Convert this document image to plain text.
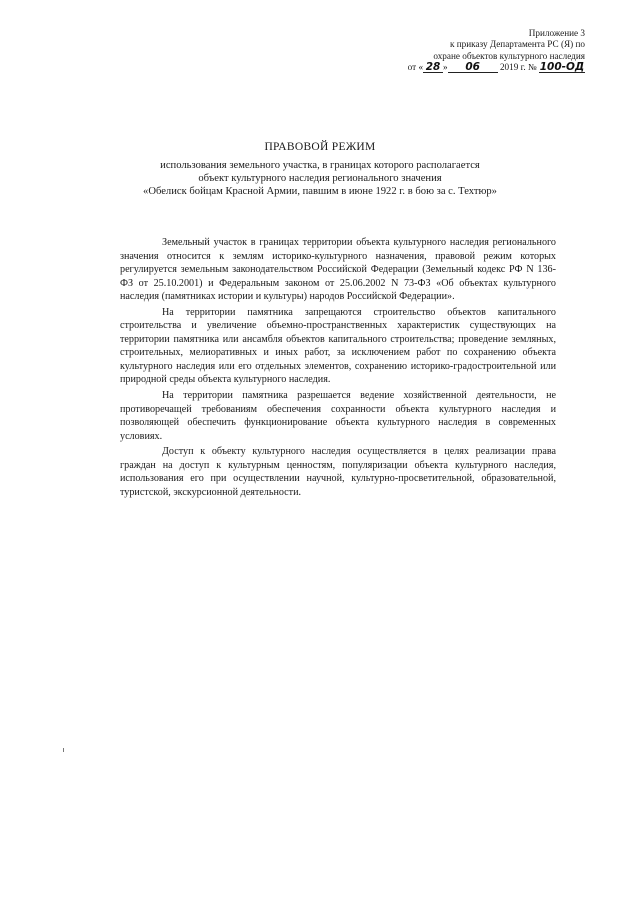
Приложение 3
к приказу Департамента РС (Я) по
охране объектов культурного наследия
от « 28 » 06 2019 г. № 100-ОД
ПРАВОВОЙ РЕЖИМ
использования земельного участка, в границах которого располагается
объект культурного наследия регионального значения
«Обелиск бойцам Красной Армии, павшим в июне 1922 г. в бою за с. Техтюр»

Земельный участок в границах территории объекта культурного наследия регионального значения относится к землям историко-культурного назначения, правовой режим которых регулируется земельным законодательством Российской Федерации (Земельный кодекс РФ N 136-ФЗ от 25.10.2001) и Федеральным законом от 25.06.2002 N 73-ФЗ «Об объектах культурного наследия (памятниках истории и культуры) народов Российской Федерации».

На территории памятника запрещаются строительство объектов капитального строительства и увеличение объемно-пространственных характеристик существующих на территории памятника или ансамбля объектов капитального строительства; проведение земляных, строительных, мелиоративных и иных работ, за исключением работ по сохранению объекта культурного наследия или его отдельных элементов, сохранению историко-градостроительной или природной среды объекта культурного наследия.

На территории памятника разрешается ведение хозяйственной деятельности, не противоречащей требованиям обеспечения сохранности объекта культурного наследия и позволяющей обеспечить функционирование объекта культурного наследия в современных условиях.

Доступ к объекту культурного наследия осуществляется в целях реализации права граждан на доступ к культурным ценностям, популяризации объекта культурного наследия, использования его при осуществлении научной, культурно-просветительной, образовательной, туристской, экскурсионной деятельности.
